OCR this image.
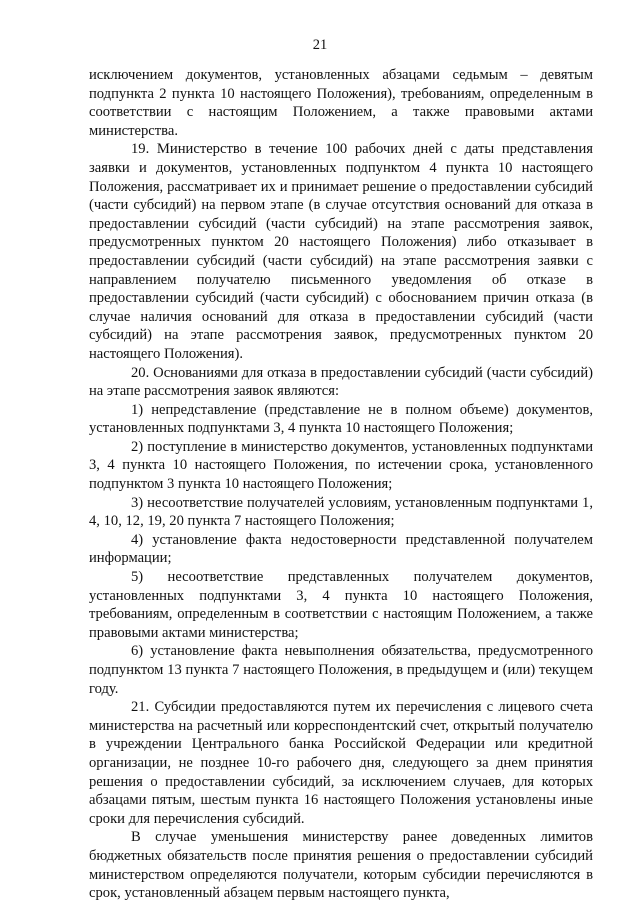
21

исключением документов, установленных абзацами седьмым – девятым подпункта 2 пункта 10 настоящего Положения), требованиям, определенным в соответствии с настоящим Положением, а также правовыми актами министерства.

19. Министерство в течение 100 рабочих дней с даты представления заявки и документов, установленных подпунктом 4 пункта 10 настоящего Положения, рассматривает их и принимает решение о предоставлении субсидий (части субсидий) на первом этапе (в случае отсутствия оснований для отказа в предоставлении субсидий (части субсидий) на этапе рассмотрения заявок, предусмотренных пунктом 20 настоящего Положения) либо отказывает в предоставлении субсидий (части субсидий) на этапе рассмотрения заявки с направлением получателю письменного уведомления об отказе в предоставлении субсидий (части субсидий) с обоснованием причин отказа (в случае наличия оснований для отказа в предоставлении субсидий (части субсидий) на этапе рассмотрения заявок, предусмотренных пунктом 20 настоящего Положения).

20. Основаниями для отказа в предоставлении субсидий (части субсидий) на этапе рассмотрения заявок являются:

1) непредставление (представление не в полном объеме) документов, установленных подпунктами 3, 4 пункта 10 настоящего Положения;

2) поступление в министерство документов, установленных подпунктами 3, 4 пункта 10 настоящего Положения, по истечении срока, установленного подпунктом 3 пункта 10 настоящего Положения;

3) несоответствие получателей условиям, установленным подпунктами 1, 4, 10, 12, 19, 20 пункта 7 настоящего Положения;

4) установление факта недостоверности представленной получателем информации;

5) несоответствие представленных получателем документов, установленных подпунктами 3, 4 пункта 10 настоящего Положения, требованиям, определенным в соответствии с настоящим Положением, а также правовыми актами министерства;

6) установление факта невыполнения обязательства, предусмотренного подпунктом 13 пункта 7 настоящего Положения, в предыдущем и (или) текущем году.

21. Субсидии предоставляются путем их перечисления с лицевого счета министерства на расчетный или корреспондентский счет, открытый получателю в учреждении Центрального банка Российской Федерации или кредитной организации, не позднее 10-го рабочего дня, следующего за днем принятия решения о предоставлении субсидий, за исключением случаев, для которых абзацами пятым, шестым пункта 16 настоящего Положения установлены иные сроки для перечисления субсидий.

В случае уменьшения министерству ранее доведенных лимитов бюджетных обязательств после принятия решения о предоставлении субсидий министерством определяются получатели, которым субсидии перечисляются в срок, установленный абзацем первым настоящего пункта,
